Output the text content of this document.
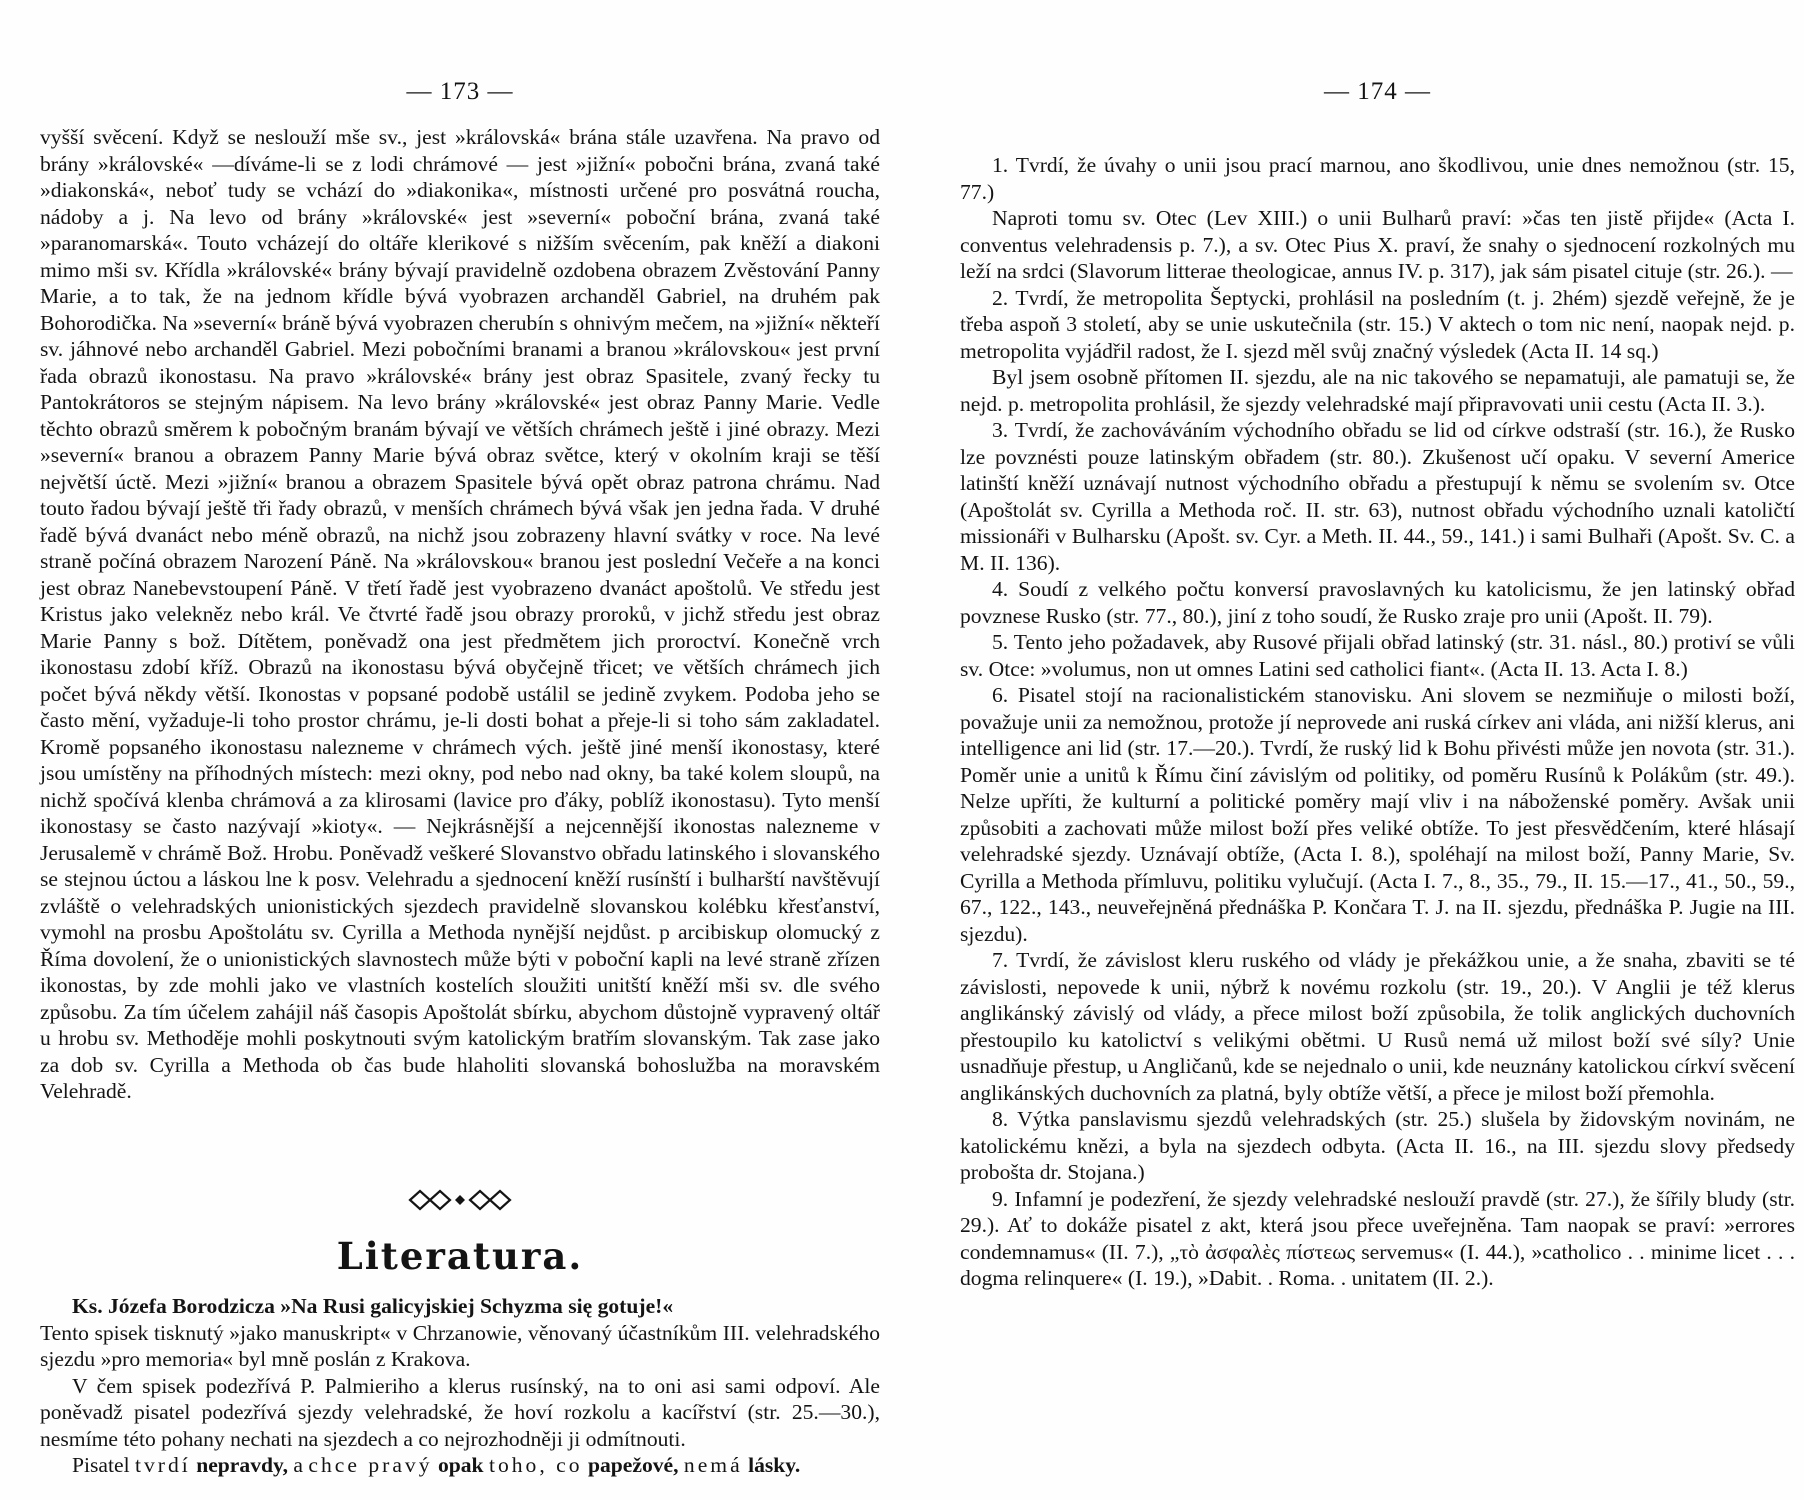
— 173 —

vyšší svěcení. Když se neslouží mše sv., jest »královská« brána stále uzavřena. Na pravo od brány »královské« —díváme-li se z lodi chrámové — jest »jižní« pobočni brána, zvaná také »diakonská«, neboť tudy se vchází do »diakonika«, místnosti určené pro posvátná roucha, nádoby a j. Na levo od brány »královské« jest »severní« poboční brána, zvaná také »paranomarská«. Touto vcházejí do oltáře klerikové s nižším svěcením, pak kněží a diakoni mimo mši sv. Křídla »královské« brány bývají pravidelně ozdobena obrazem Zvěstování Panny Marie, a to tak, že na jednom křídle bývá vyobrazen archanděl Gabriel, na druhém pak Bohorodička. Na »severní« bráně bývá vyobrazen cherubín s ohnivým mečem, na »jižní« někteří sv. jáhnové nebo archanděl Gabriel. Mezi pobočními branami a branou »královskou« jest první řada obrazů ikonostasu. Na pravo »královské« brány jest obraz Spasitele, zvaný řecky tu Pantokrátoros se stejným nápisem. Na levo brány »královské« jest obraz Panny Marie. Vedle těchto obrazů směrem k pobočným branám bývají ve větších chrámech ještě i jiné obrazy. Mezi »severní« branou a obrazem Panny Marie bývá obraz světce, který v okolním kraji se těší největší úctě. Mezi »jižní« branou a obrazem Spasitele bývá opět obraz patrona chrámu. Nad touto řadou bývají ještě tři řady obrazů, v menších chrámech bývá však jen jedna řada. V druhé řadě bývá dvanáct nebo méně obrazů, na nichž jsou zobrazeny hlavní svátky v roce. Na levé straně počíná obrazem Narození Páně. Na »královskou« branou jest poslední Večeře a na konci jest obraz Nanebevstoupení Páně. V třetí řadě jest vyobrazeno dvanáct apoštolů. Ve středu jest Kristus jako velekněz nebo král. Ve čtvrté řadě jsou obrazy proroků, v jichž středu jest obraz Marie Panny s bož. Dítětem, poněvadž ona jest předmětem jich proroctví. Konečně vrch ikonostasu zdobí kříž. Obrazů na ikonostasu bývá obyčejně třicet; ve větších chrámech jich počet bývá někdy větší. Ikonostas v popsané podobě ustálil se jedině zvykem. Podoba jeho se často mění, vyžaduje-li toho prostor chrámu, je-li dosti bohat a přeje-li si toho sám zakladatel. Kromě popsaného ikonostasu nalezneme v chrámech vých. ještě jiné menší ikonostasy, které jsou umístěny na příhodných místech: mezi okny, pod nebo nad okny, ba také kolem sloupů, na nichž spočívá klenba chrámová a za klirosami (lavice pro ďáky, poblíž ikonostasu). Tyto menší ikonostasy se často nazývají »kioty«. — Nejkrásnější a nejcennější ikonostas nalezneme v Jerusalemě v chrámě Bož. Hrobu. Poněvadž veškeré Slovanstvo obřadu latinského i slovanského se stejnou úctou a láskou lne k posv. Velehradu a sjednocení kněží rusínští i bulharští navštěvují zvláště o velehradských unionistických sjezdech pravidelně slovanskou kolébku křesťanství, vymohl na prosbu Apoštolátu sv. Cyrilla a Methoda nynější nejdůst. p arcibiskup olomucký z Říma dovolení, že o unionistických slavnostech může býti v poboční kapli na levé straně zřízen ikonostas, by zde mohli jako ve vlastních kostelích sloužiti unitští kněží mši sv. dle svého způsobu. Za tím účelem zahájil náš časopis Apoštolát sbírku, abychom důstojně vypravený oltář u hrobu sv. Methoděje mohli poskytnouti svým katolickým bratřím slovanským. Tak zase jako za dob sv. Cyrilla a Methoda ob čas bude hlaholiti slovanská bohoslužba na moravském Velehradě.

Literatura.

Ks. Józefa Borodzicza »Na Rusi galicyjskiej Schyzma się gotuje!«

Tento spisek tisknutý »jako manuskript« v Chrzanowie, věnovaný účastníkům III. velehradského sjezdu »pro memoria« byl mně poslán z Krakova.

V čem spisek podezřívá P. Palmieriho a klerus rusínský, na to oni asi sami odpoví. Ale poněvadž pisatel podezřívá sjezdy velehradské, že hoví rozkolu a kacířství (str. 25.—30.), nesmíme této pohany nechati na sjezdech a co nejrozhodněji ji odmítnouti.

Pisatel tvrdí nepravdy, a chce pravý opak toho, co papežové, nemá lásky.

— 174 —

1. Tvrdí, že úvahy o unii jsou prací marnou, ano škodlivou, unie dnes nemožnou (str. 15, 77.)

Naproti tomu sv. Otec (Lev XIII.) o unii Bulharů praví: »čas ten jistě přijde« (Acta I. conventus velehradensis p. 7.), a sv. Otec Pius X. praví, že snahy o sjednocení rozkolných mu leží na srdci (Slavorum litterae theologicae, annus IV. p. 317), jak sám pisatel cituje (str. 26.). —

2. Tvrdí, že metropolita Šeptycki, prohlásil na posledním (t. j. 2hém) sjezdě veřejně, že je třeba aspoň 3 století, aby se unie uskutečnila (str. 15.) V aktech o tom nic není, naopak nejd. p. metropolita vyjádřil radost, že I. sjezd měl svůj značný výsledek (Acta II. 14 sq.)

Byl jsem osobně přítomen II. sjezdu, ale na nic takového se nepamatuji, ale pamatuji se, že nejd. p. metropolita prohlásil, že sjezdy velehradské mají připravovati unii cestu (Acta II. 3.).

3. Tvrdí, že zachováváním východního obřadu se lid od církve odstraší (str. 16.), že Rusko lze povznésti pouze latinským obřadem (str. 80.). Zkušenost učí opaku. V severní Americe latinští kněží uznávají nutnost východního obřadu a přestupují k němu se svolením sv. Otce (Apoštolát sv. Cyrilla a Methoda roč. II. str. 63), nutnost obřadu východního uznali katoličtí missionáři v Bulharsku (Apošt. sv. Cyr. a Meth. II. 44., 59., 141.) i sami Bulhaři (Apošt. Sv. C. a M. II. 136).

4. Soudí z velkého počtu konversí pravoslavných ku katolicismu, že jen latinský obřad povznese Rusko (str. 77., 80.), jiní z toho soudí, že Rusko zraje pro unii (Apošt. II. 79).

5. Tento jeho požadavek, aby Rusové přijali obřad latinský (str. 31. násl., 80.) protiví se vůli sv. Otce: »volumus, non ut omnes Latini sed catholici fiant«. (Acta II. 13. Acta I. 8.)

6. Pisatel stojí na racionalistickém stanovisku. Ani slovem se nezmiňuje o milosti boží, považuje unii za nemožnou, protože jí neprovede ani ruská církev ani vláda, ani nižší klerus, ani intelligence ani lid (str. 17.—20.). Tvrdí, že ruský lid k Bohu přivésti může jen novota (str. 31.). Poměr unie a unitů k Římu činí závislým od politiky, od poměru Rusínů k Polákům (str. 49.). Nelze upříti, že kulturní a politické poměry mají vliv i na náboženské poměry. Avšak unii způsobiti a zachovati může milost boží přes veliké obtíže. To jest přesvědčením, které hlásají velehradské sjezdy. Uznávají obtíže, (Acta I. 8.), spoléhají na milost boží, Panny Marie, Sv. Cyrilla a Methoda přímluvu, politiku vylučují. (Acta I. 7., 8., 35., 79., II. 15.—17., 41., 50., 59., 67., 122., 143., neuveřejněná přednáška P. Končara T. J. na II. sjezdu, přednáška P. Jugie na III. sjezdu).

7. Tvrdí, že závislost kleru ruského od vlády je překážkou unie, a že snaha, zbaviti se té závislosti, nepovede k unii, nýbrž k novému rozkolu (str. 19., 20.). V Anglii je též klerus anglikánský závislý od vlády, a přece milost boží způsobila, že tolik anglických duchovních přestoupilo ku katolictví s velikými obětmi. U Rusů nemá už milost boží své síly? Unie usnadňuje přestup, u Angličanů, kde se nejednalo o unii, kde neuznány katolickou církví svěcení anglikánských duchovních za platná, byly obtíže větší, a přece je milost boží přemohla.

8. Výtka panslavismu sjezdů velehradských (str. 25.) slušela by židovským novinám, ne katolickému knězi, a byla na sjezdech odbyta. (Acta II. 16., na III. sjezdu slovy předsedy probošta dr. Stojana.)

9. Infamní je podezření, že sjezdy velehradské neslouží pravdě (str. 27.), že šířily bludy (str. 29.). Ať to dokáže pisatel z akt, která jsou přece uveřejněna. Tam naopak se praví: »errores condemnamus« (II. 7.), „τὸ ἀσφαλὲς πίστεως servemus« (I. 44.), »catholico . . minime licet . . . dogma relinquere« (I. 19.), »Dabit. . Roma. . unitatem (II. 2.).
